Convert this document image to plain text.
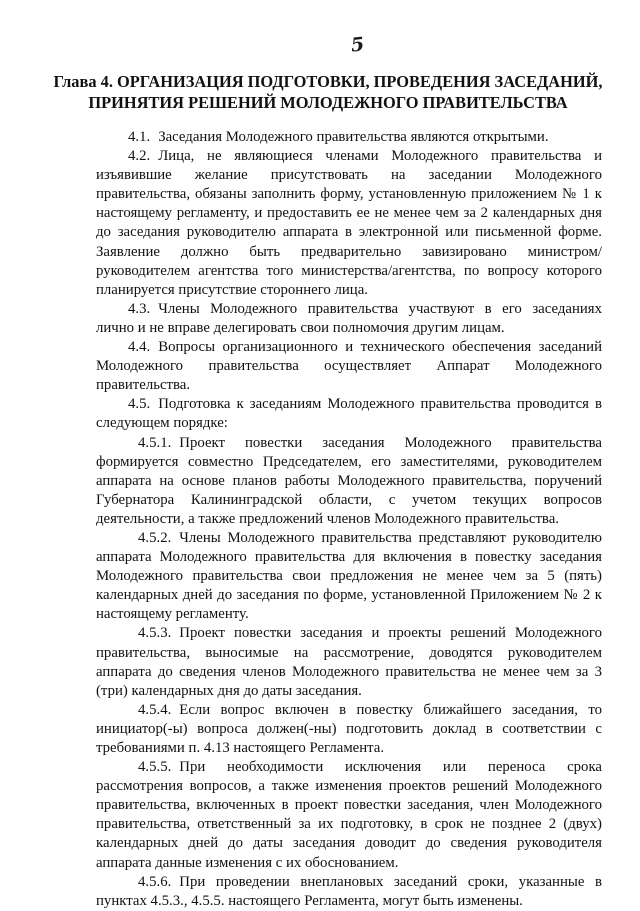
5
Глава 4. ОРГАНИЗАЦИЯ ПОДГОТОВКИ, ПРОВЕДЕНИЯ ЗАСЕДАНИЙ,
ПРИНЯТИЯ РЕШЕНИЙ МОЛОДЕЖНОГО ПРАВИТЕЛЬСТВА

4.1. Заседания Молодежного правительства являются открытыми.

4.2. Лица, не являющиеся членами Молодежного правительства и изъявившие желание присутствовать на заседании Молодежного правительства, обязаны заполнить форму, установленную приложением № 1 к настоящему регламенту, и предоставить ее не менее чем за 2 календарных дня до заседания руководителю аппарата в электронной или письменной форме. Заявление должно быть предварительно завизировано министром/руководителем агентства того министерства/агентства, по вопросу которого планируется присутствие стороннего лица.

4.3. Члены Молодежного правительства участвуют в его заседаниях лично и не вправе делегировать свои полномочия другим лицам.

4.4. Вопросы организационного и технического обеспечения заседаний Молодежного правительства осуществляет Аппарат Молодежного правительства.

4.5. Подготовка к заседаниям Молодежного правительства проводится в следующем порядке:

4.5.1. Проект повестки заседания Молодежного правительства формируется совместно Председателем, его заместителями, руководителем аппарата на основе планов работы Молодежного правительства, поручений Губернатора Калининградской области, с учетом текущих вопросов деятельности, а также предложений членов Молодежного правительства.

4.5.2. Члены Молодежного правительства представляют руководителю аппарата Молодежного правительства для включения в повестку заседания Молодежного правительства свои предложения не менее чем за 5 (пять) календарных дней до заседания по форме, установленной Приложением № 2 к настоящему регламенту.

4.5.3. Проект повестки заседания и проекты решений Молодежного правительства, выносимые на рассмотрение, доводятся руководителем аппарата до сведения членов Молодежного правительства не менее чем за 3 (три) календарных дня до даты заседания.

4.5.4. Если вопрос включен в повестку ближайшего заседания, то инициатор(-ы) вопроса должен(-ны) подготовить доклад в соответствии с требованиями п. 4.13 настоящего Регламента.

4.5.5. При необходимости исключения или переноса срока рассмотрения вопросов, а также изменения проектов решений Молодежного правительства, включенных в проект повестки заседания, член Молодежного правительства, ответственный за их подготовку, в срок не позднее 2 (двух) календарных дней до даты заседания доводит до сведения руководителя аппарата данные изменения с их обоснованием.

4.5.6. При проведении внеплановых заседаний сроки, указанные в пунктах 4.5.3., 4.5.5. настоящего Регламента, могут быть изменены.
